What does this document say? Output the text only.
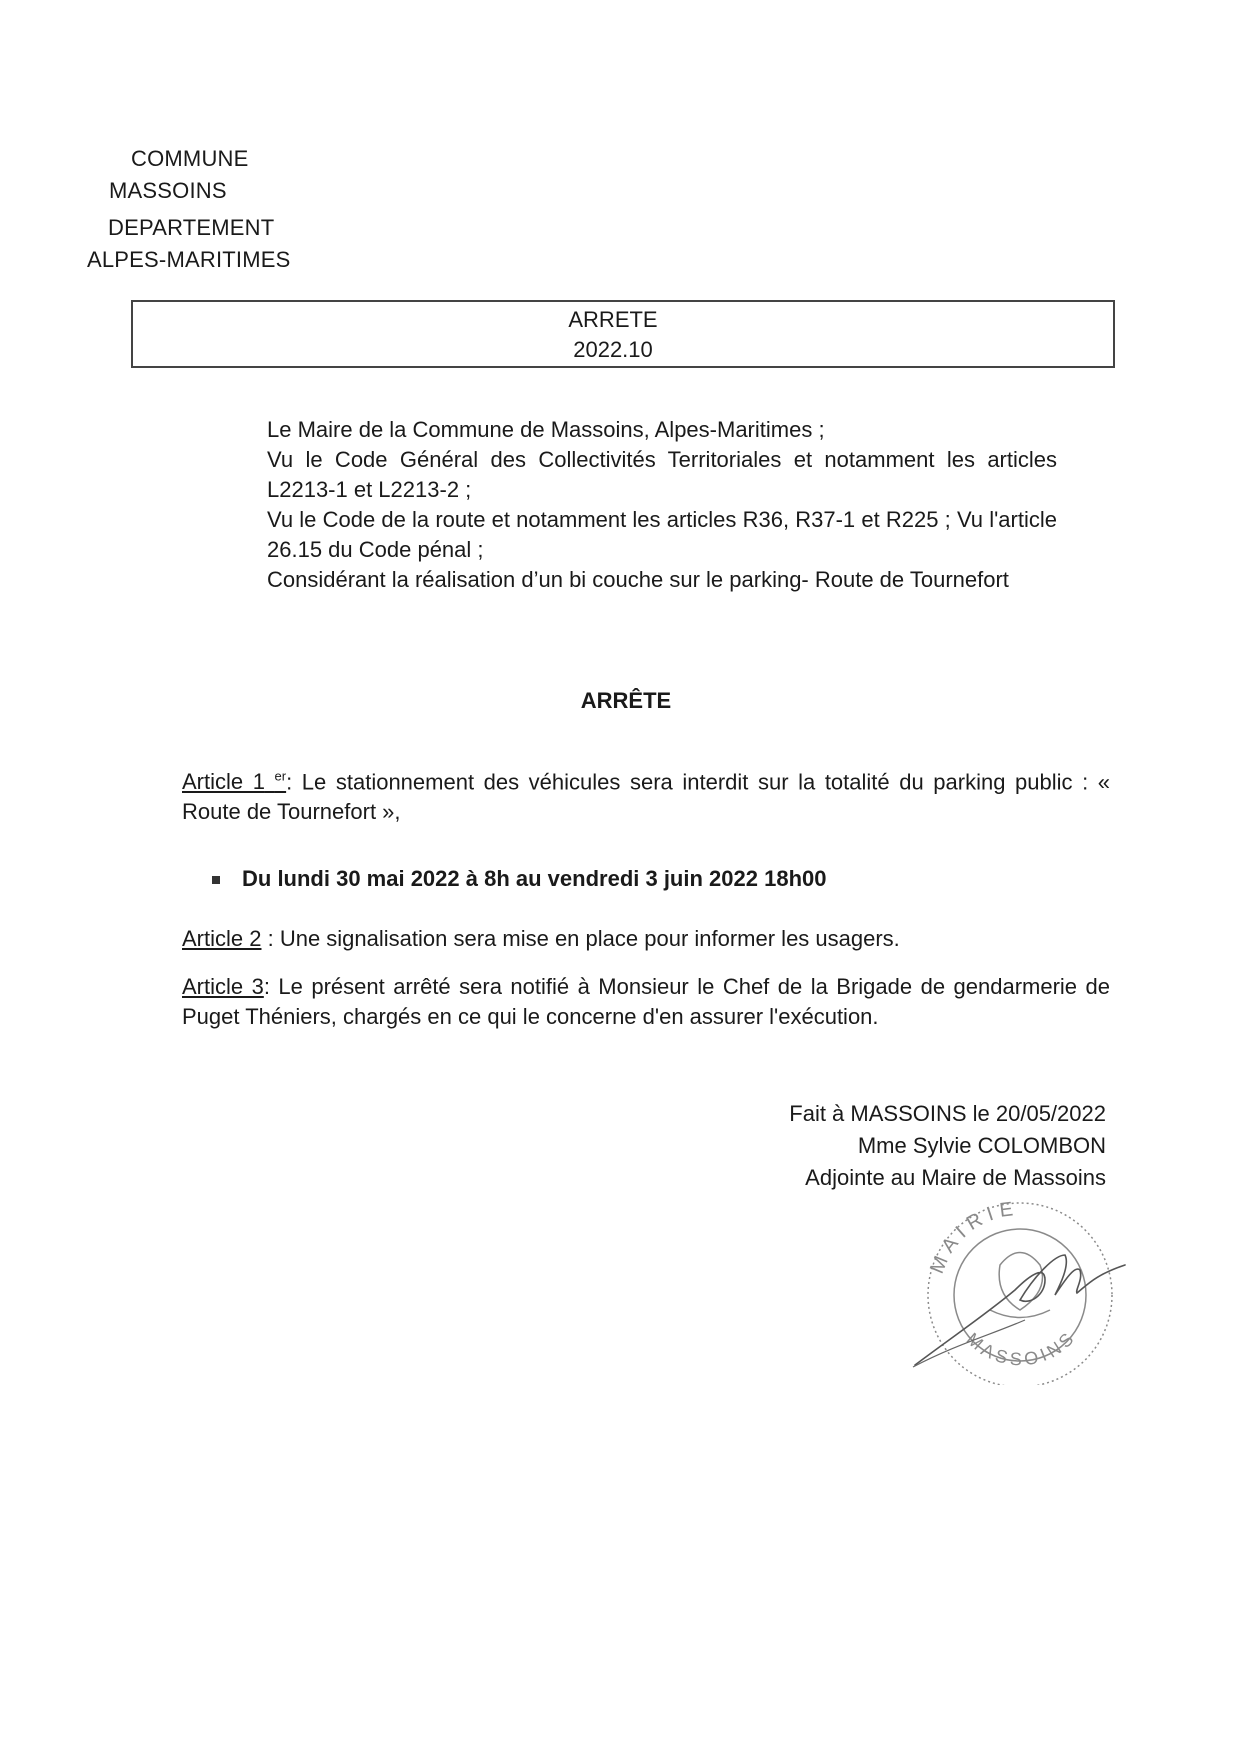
COMMUNE
MASSOINS
DEPARTEMENT
ALPES-MARITIMES
ARRETE
2022.10

Le Maire de la Commune de Massoins, Alpes-Maritimes ;

Vu le Code Général des Collectivités Territoriales et notamment les articles L2213-1 et L2213-2 ;

Vu le Code de la route et notamment les articles R36, R37-1 et R225 ; Vu l'article 26.15 du Code pénal ;

Considérant la réalisation d’un bi couche sur le parking- Route de Tournefort

ARRÊTE
Article 1 $^{er}$: Le stationnement des véhicules sera interdit sur la totalité du parking public : « Route de Tournefort »,
Du lundi 30 mai 2022 à 8h au vendredi 3 juin 2022 18h00
Article 2 : Une signalisation sera mise en place pour informer les usagers.
Article 3: Le présent arrêté sera notifié à Monsieur le Chef de la Brigade de gendarmerie de Puget Théniers, chargés en ce qui le concerne d'en assurer l'exécution.
Fait à MASSOINS le 20/05/2022
Mme Sylvie COLOMBON
Adjointe au Maire de Massoins
MAIRIE
MASSOINS
